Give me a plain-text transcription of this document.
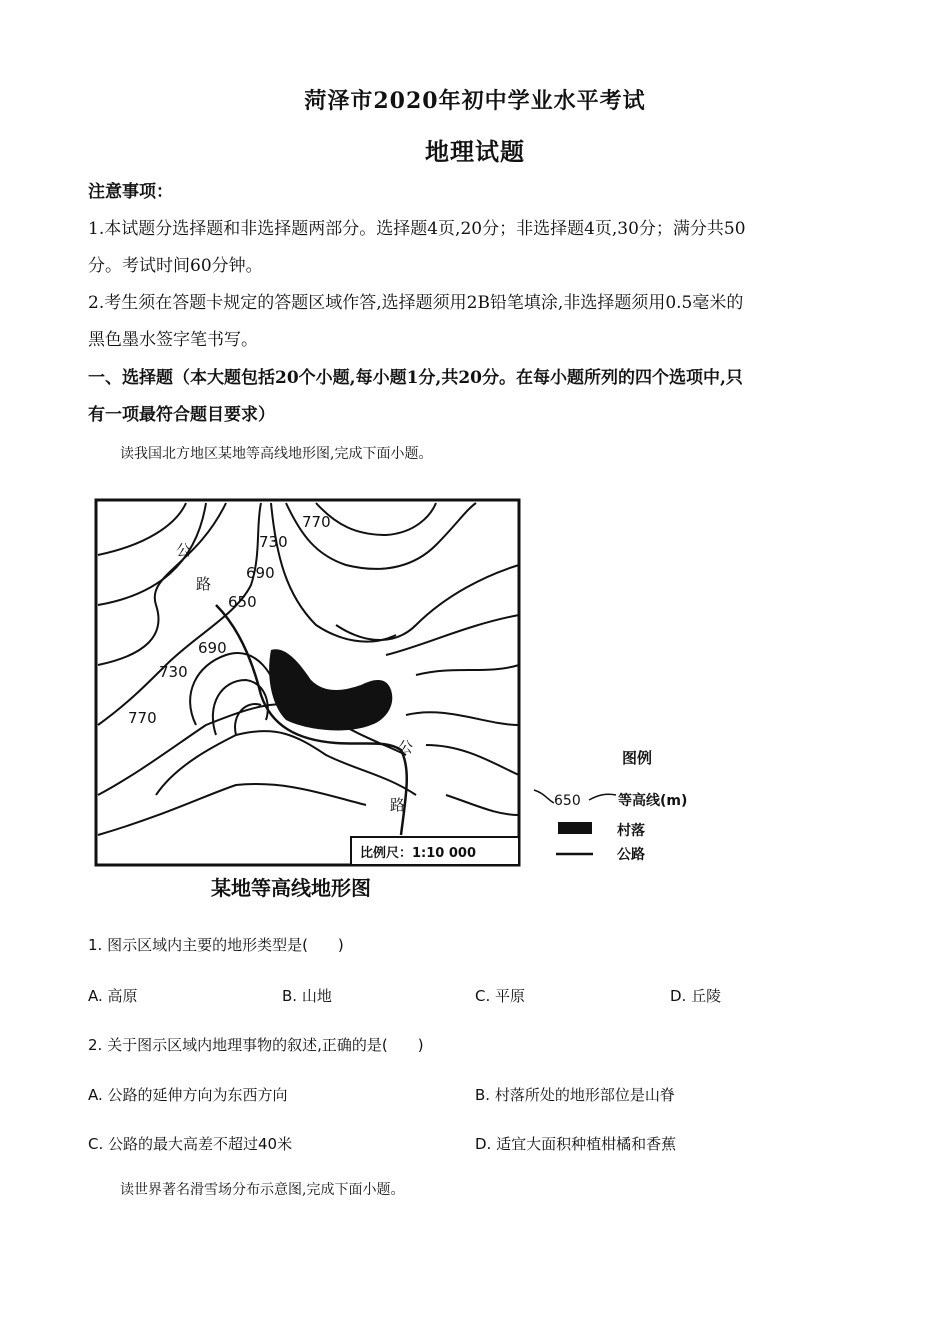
菏泽市2020年初中学业水平考试
地理试题
注意事项：
1.本试题分选择题和非选择题两部分。选择题4页,20分；非选择题4页,30分；满分共50
分。考试时间60分钟。
2.考生须在答题卡规定的答题区域作答,选择题须用2B铅笔填涂,非选择题须用0.5毫米的
黑色墨水签字笔书写。
一、选择题（本大题包括20个小题,每小题1分,共20分。在每小题所列的四个选项中,只
有一项最符合题目要求）
读我国北方地区某地等高线地形图,完成下面小题。
770
730
690
650
690
730
770
公
路
公
路
比例尺：1:10 000
某地等高线地形图
图例
650	等高线(m)
村落
公路
1. 图示区域内主要的地形类型是(　　)
A. 高原	B. 山地	C. 平原	D. 丘陵
2. 关于图示区域内地理事物的叙述,正确的是(　　)
A. 公路的延伸方向为东西方向	B. 村落所处的地形部位是山脊
C. 公路的最大高差不超过40米	D. 适宜大面积种植柑橘和香蕉
读世界著名滑雪场分布示意图,完成下面小题。
